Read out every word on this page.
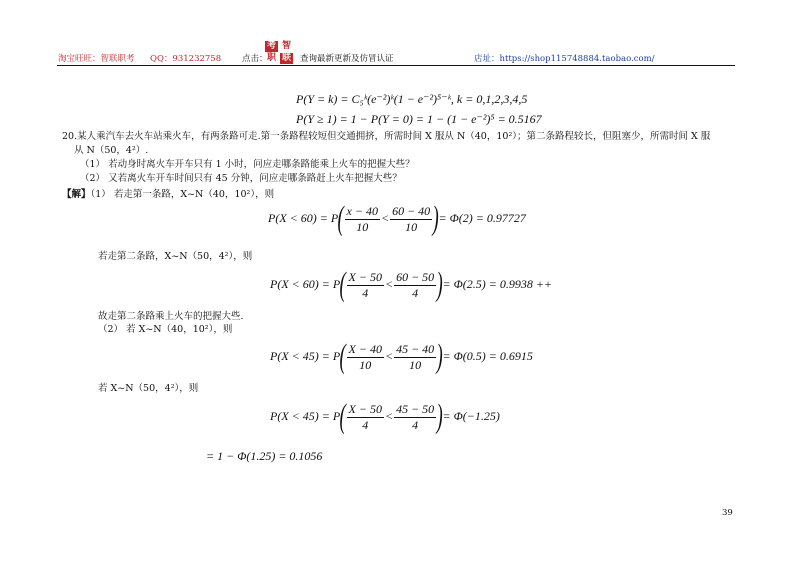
淘宝旺旺：智联职考 QQ：931232758 点击：
考 智
职 联 查询最新更新及仿冒认证	店址：https://shop115748884.taobao.com/
P(Y = k) = C₅ᵏ(e⁻²)ᵏ(1 − e⁻²)⁵⁻ᵏ, k = 0,1,2,3,4,5
P(Y ≥ 1) = 1 − P(Y = 0) = 1 − (1 − e⁻²)⁵ = 0.5167
20.某人乘汽车去火车站乘火车，有两条路可走.第一条路程较短但交通拥挤，所需时间 X 服从 N（40，10²）；第二条路程较长，但阻塞少，所需时间 X 服
从 N（50，4²）.
（1） 若动身时离火车开车只有 1 小时，问应走哪条路能乘上火车的把握大些？
（2） 又若离火车开车时间只有 45 分钟，问应走哪条路赶上火车把握大些？
【解】（1） 若走第一条路，X~N（40，10²），则
$P(X < 60) = P( \frac{x - 40}{10} < \frac{60 - 40}{10}$ )= Φ(2) = 0.97727
若走第二条路，X~N（50，4²），则
$P(X < 60) = P( \frac{X - 50}{4} < \frac{60 - 50}{4}$ )= Φ(2.5) = 0.9938 ++
故走第二条路乘上火车的把握大些.
（2） 若 X~N（40，10²），则
$P(X < 45) = P( \frac{X - 40}{10} < \frac{45 - 40}{10}$ )= Φ(0.5) = 0.6915
若 X~N（50，4²），则
$P(X < 45) = P( \frac{X - 50}{4} < \frac{45 - 50}{4}$ )= Φ(−1.25)
= 1 − Φ(1.25) = 0.1056
39
